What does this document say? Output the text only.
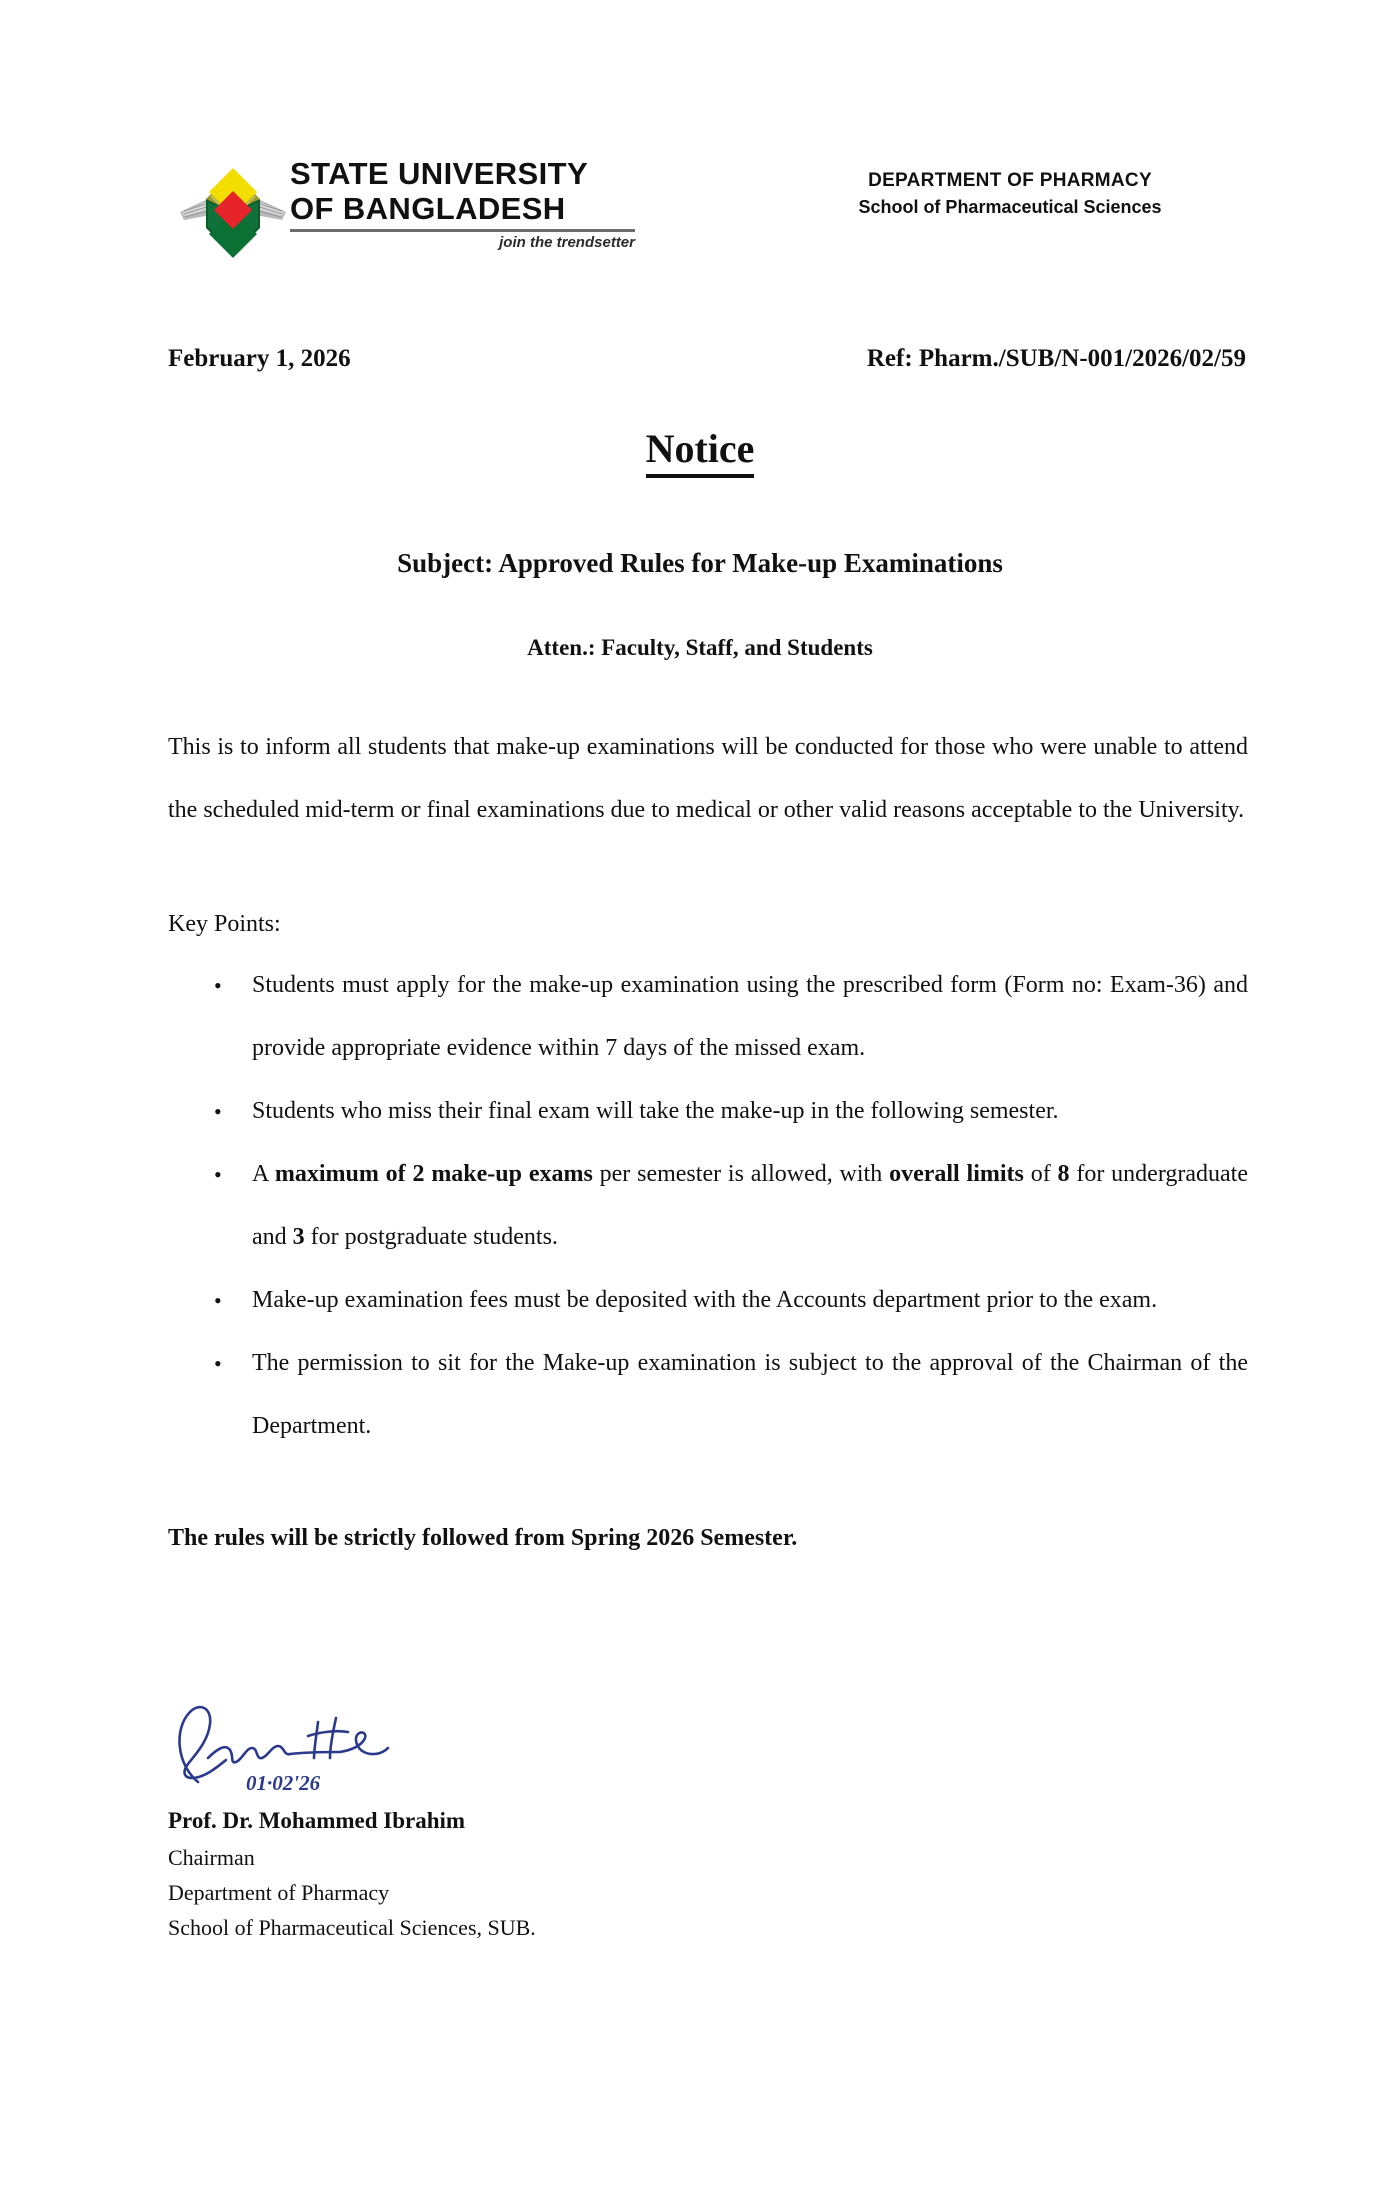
STATE UNIVERSITY
OF BANGLADESH
join the trendsetter
DEPARTMENT OF PHARMACY
School of Pharmaceutical Sciences
February 1, 2026	Ref: Pharm./SUB/N-001/2026/02/59
Notice
Subject: Approved Rules for Make-up Examinations
Atten.: Faculty, Staff, and Students
This is to inform all students that make-up examinations will be conducted for those who were unable to attend the scheduled mid-term or final examinations due to medical or other valid reasons acceptable to the University.
Key Points:
• Students must apply for the make-up examination using the prescribed form (Form no: Exam-36) and provide appropriate evidence within 7 days of the missed exam.
• Students who miss their final exam will take the make-up in the following semester.
• A maximum of 2 make-up exams per semester is allowed, with overall limits of 8 for undergraduate and 3 for postgraduate students.
• Make-up examination fees must be deposited with the Accounts department prior to the exam.
• The permission to sit for the Make-up examination is subject to the approval of the Chairman of the Department.
The rules will be strictly followed from Spring 2026 Semester.
01·02'26
Prof. Dr. Mohammed Ibrahim
Chairman
Department of Pharmacy
School of Pharmaceutical Sciences, SUB.
